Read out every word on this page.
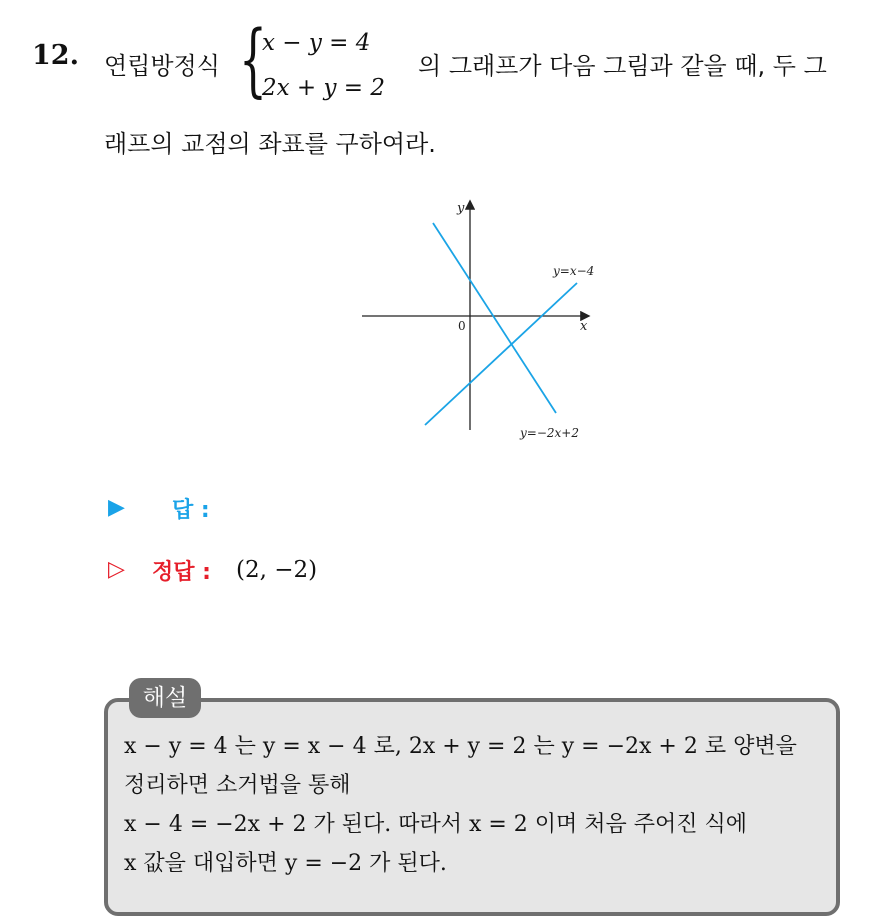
12. 연립방정식 {
x − y = 4
2x + y = 2
의 그래프가 다음 그림과 같을 때, 두 그
래프의 교점의 좌표를 구하여라.
y
x
0
y=x−4
y=−2x+2
▶ 답 :
▷ 정답 : (2, −2)
해설
x − y = 4 는 y = x − 4 로, 2x + y = 2 는 y = −2x + 2 로 양변을
정리하면 소거법을 통해
x − 4 = −2x + 2 가 된다. 따라서 x = 2 이며 처음 주어진 식에
x 값을 대입하면 y = −2 가 된다.
